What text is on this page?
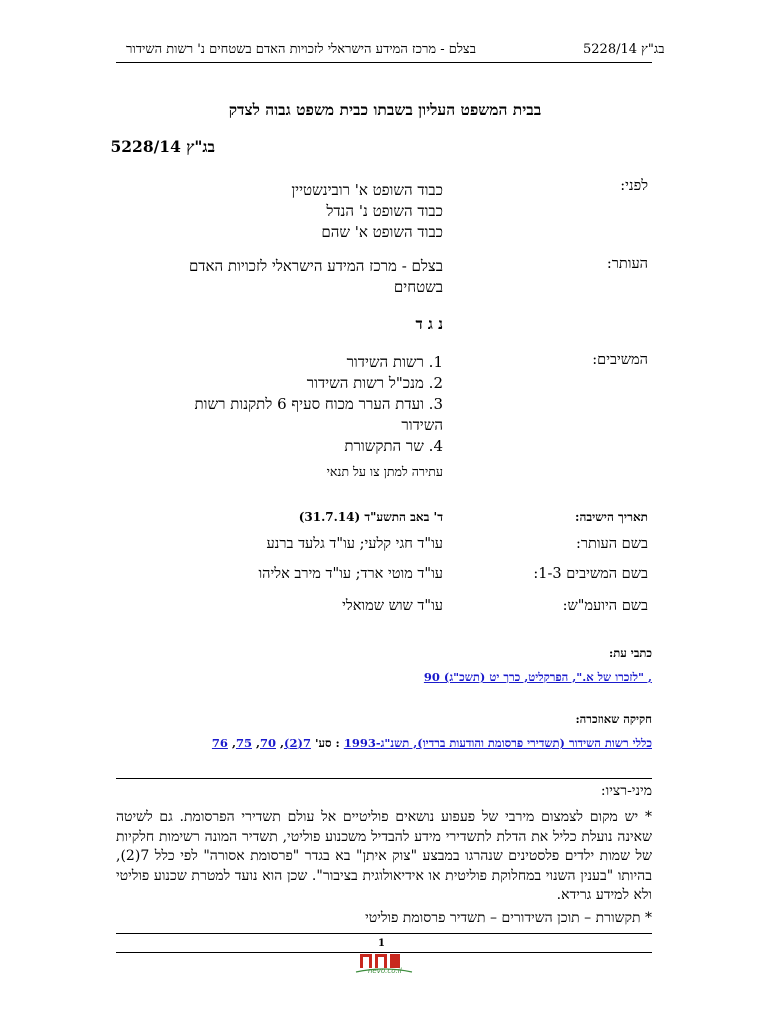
בג"ץ 5228/14
בצלם - מרכז המידע הישראלי לזכויות האדם בשטחים נ' רשות השידור
בבית המשפט העליון בשבתו כבית משפט גבוה לצדק
בג"ץ 5228/14
לפני:
כבוד השופט א' רובינשטיין
כבוד השופט נ' הנדל
כבוד השופט א' שהם
העותר:
בצלם - מרכז המידע הישראלי לזכויות האדם
בשטחים
נ ג ד
המשיבים:
1. רשות השידור
2. מנכ"ל רשות השידור
3. ועדת הערר מכוח סעיף 6 לתקנות רשות
השידור
4. שר התקשורת
עתירה למתן צו על תנאי
תאריך הישיבה:
ד' באב התשע"ד (31.7.14)
בשם העותר:
עו"ד חגי קלעי; עו"ד גלעד ברנע
בשם המשיבים 1-3:
עו"ד מוטי ארד; עו"ד מירב אליהו
בשם היועמ"ש:
עו"ד שוש שמואלי
כתבי עת:
, "לזכרו של א.", הפרקליט, כרך יט (תשכ"ג) 90
חקיקה שאוזכרה:
כללי רשות השידור (תשדירי פרסומת והודעות ברדיו), תשנ"ג-1993 : סע' 7(2), 70, 75, 76
מיני-רציו:
* יש מקום לצמצום מירבי של פעפוע נושאים פוליטיים אל עולם תשדירי הפרסומת. גם לשיטה שאינה נועלת כליל את הדלת לתשדירי מידע להבדיל משכנוע פוליטי, תשדיר המונה רשימות חלקיות של שמות ילדים פלסטינים שנהרגו במבצע "צוק איתן" בא בגדר "פרסומת אסורה" לפי כלל 7(2), בהיותו "בענין השנוי במחלוקת פוליטית או אידיאולוגית בציבור". שכן הוא נועד למטרת שכנוע פוליטי ולא למידע גרידא.
* תקשורת – תוכן השידורים – תשדיר פרסומת פוליטי
1
nevo.co.il
